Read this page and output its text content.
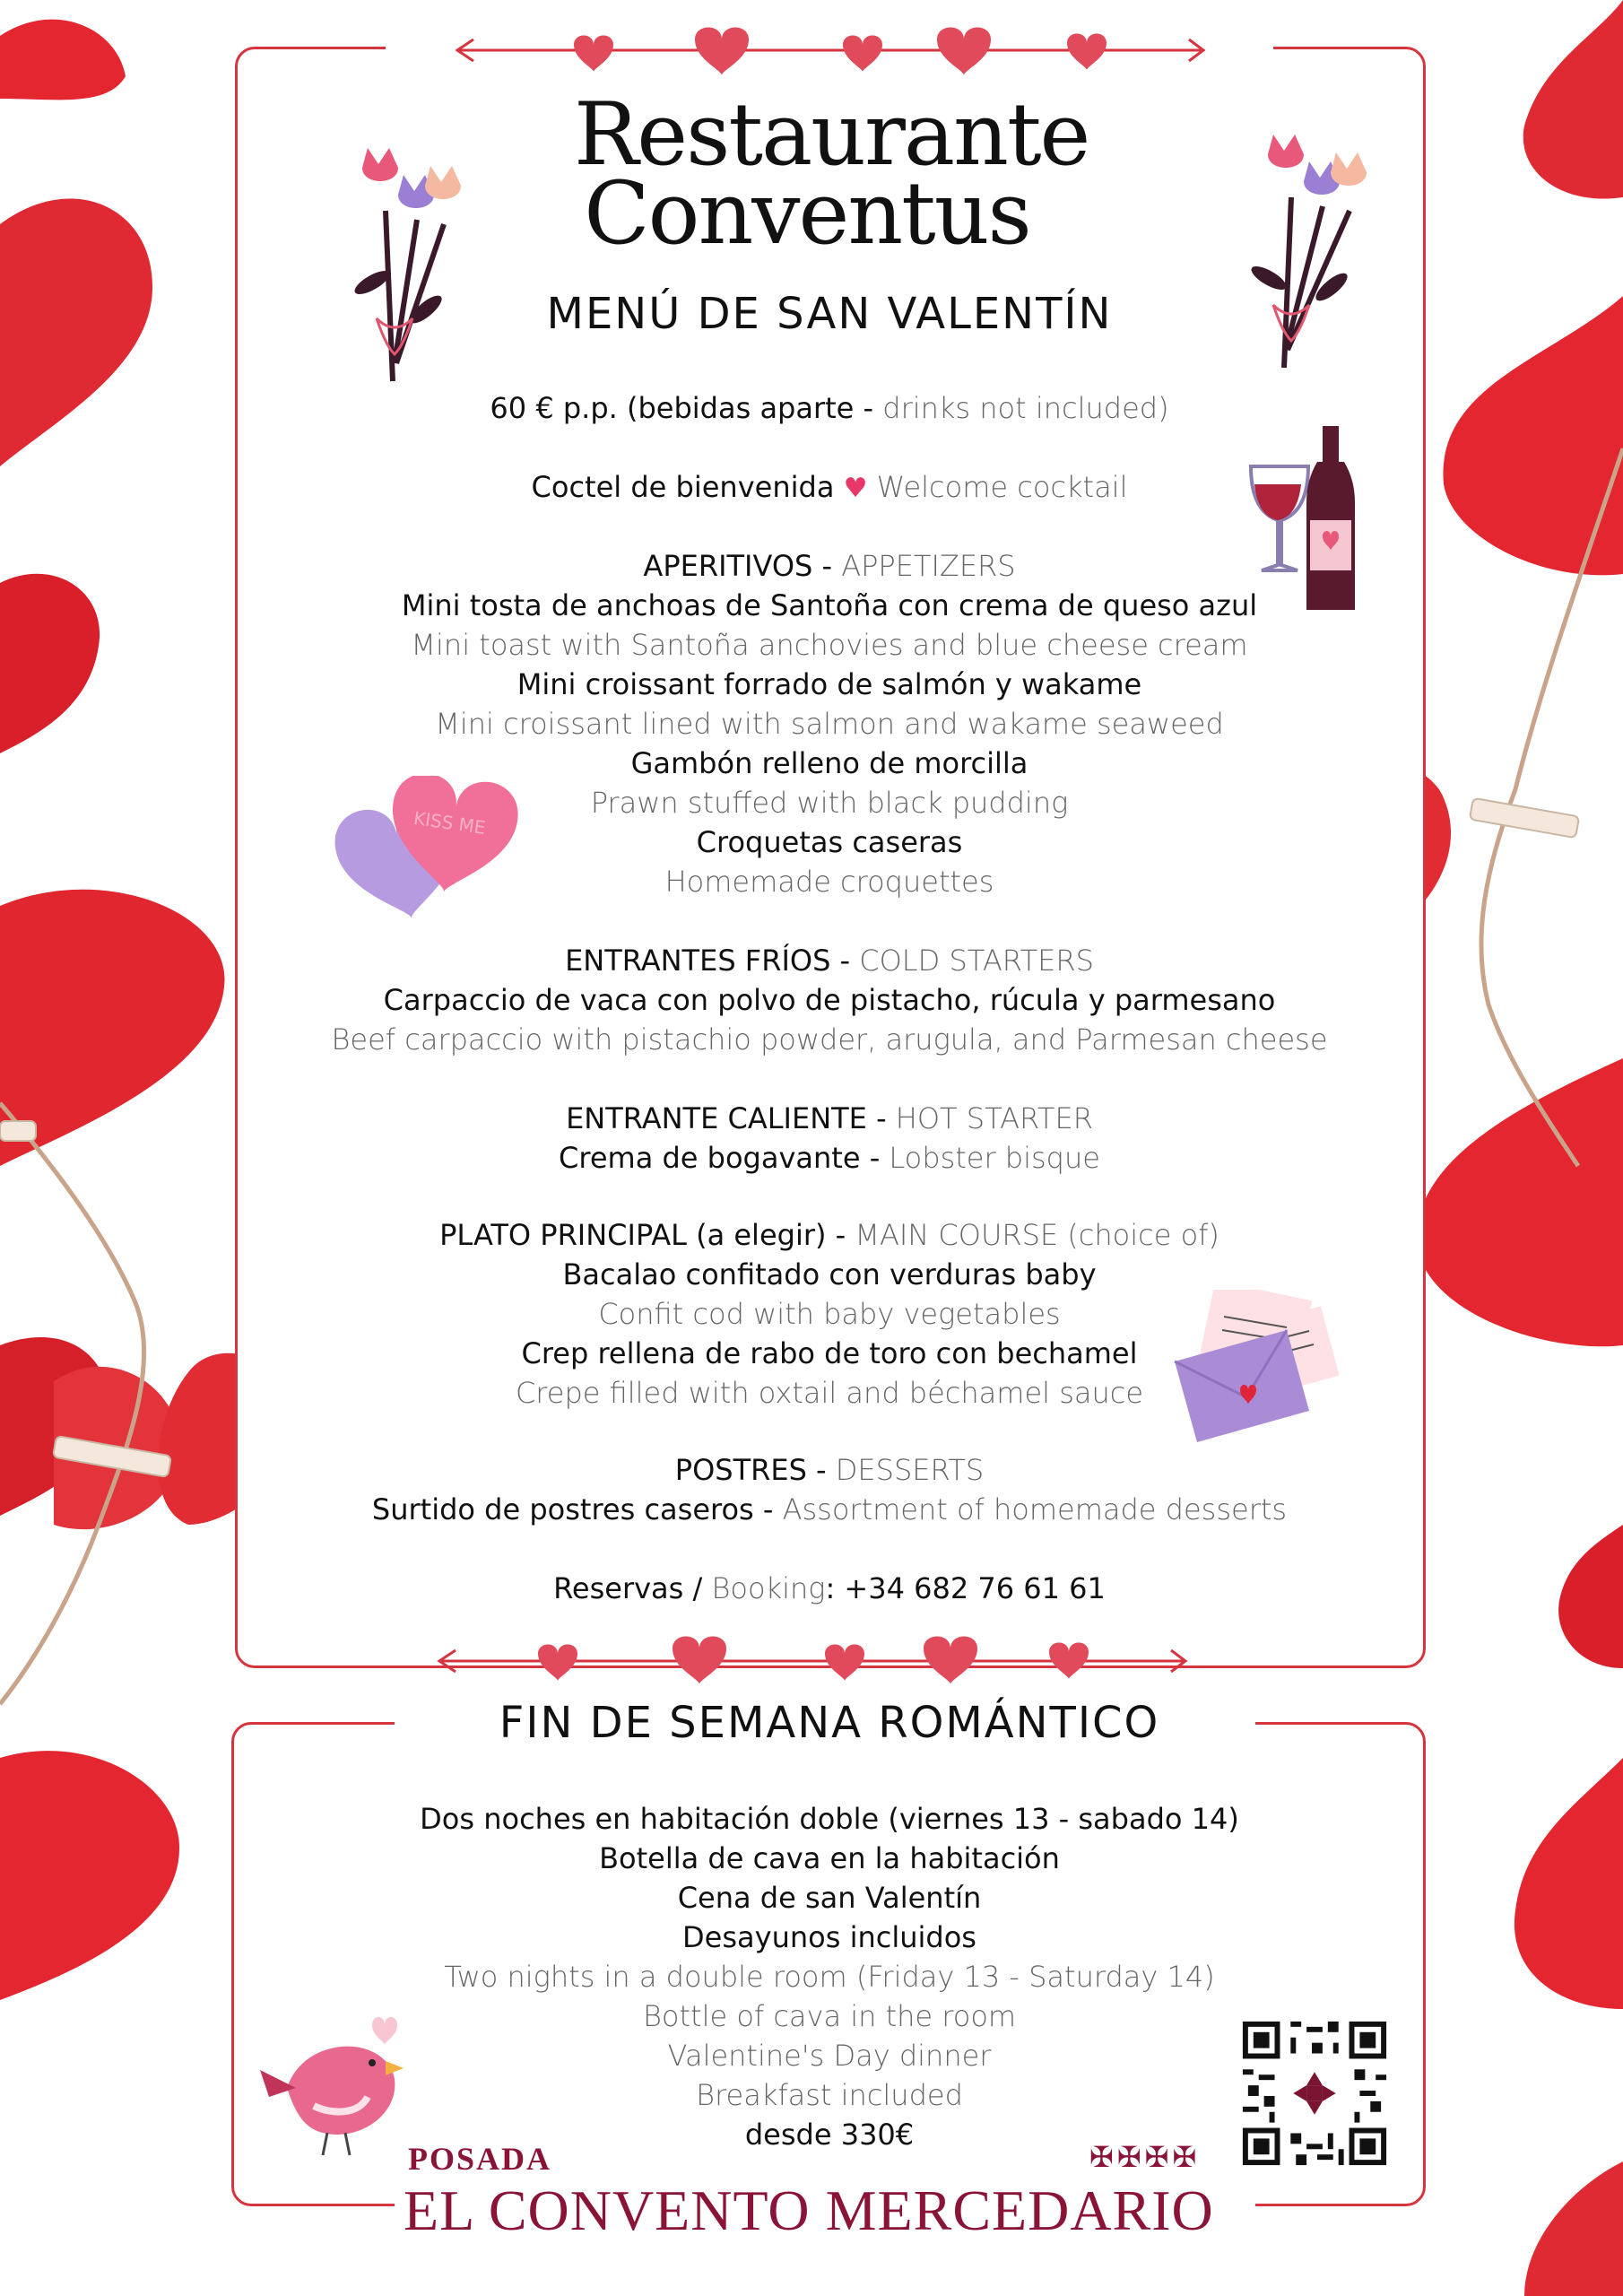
KISS ME
Restaurante
Conventus
MENÚ DE SAN VALENTÍN
60 € p.p. (bebidas aparte - drinks not included)
Coctel de bienvenida ♥ Welcome cocktail
APERITIVOS - APPETIZERS
Mini tosta de anchoas de Santoña con crema de queso azul
Mini toast with Santoña anchovies and blue cheese cream
Mini croissant forrado de salmón y wakame
Mini croissant lined with salmon and wakame seaweed
Gambón relleno de morcilla
Prawn stuffed with black pudding
Croquetas caseras
Homemade croquettes
ENTRANTES FRÍOS - COLD STARTERS
Carpaccio de vaca con polvo de pistacho, rúcula y parmesano
Beef carpaccio with pistachio powder, arugula, and Parmesan cheese
ENTRANTE CALIENTE - HOT STARTER
Crema de bogavante - Lobster bisque
PLATO PRINCIPAL (a elegir) - MAIN COURSE (choice of)
Bacalao confitado con verduras baby
Confit cod with baby vegetables
Crep rellena de rabo de toro con bechamel
Crepe filled with oxtail and béchamel sauce
POSTRES - DESSERTS
Surtido de postres caseros - Assortment of homemade desserts
Reservas / Booking: +34 682 76 61 61
FIN DE SEMANA ROMÁNTICO
Dos noches en habitación doble (viernes 13 - sabado 14)
Botella de cava en la habitación
Cena de san Valentín
Desayunos incluidos
Two nights in a double room (Friday 13 - Saturday 14)
Bottle of cava in the room
Valentine's Day dinner
Breakfast included
desde 330€
POSADA	✠✠✠✠
EL CONVENTO MERCEDARIO
